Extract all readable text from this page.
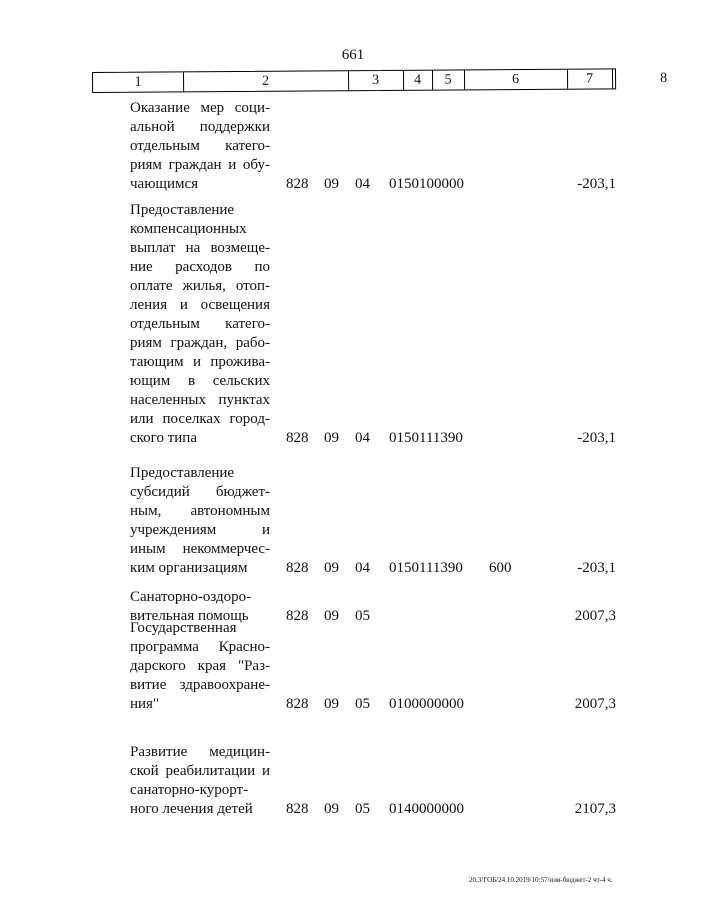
661
1	2	3	4	5	6	7	8
Оказание мер соци-
альной поддержки
отдельным катего-
риям граждан и обу-
чающимся	828 09 04 0150100000	-203,1
Предоставление
компенсационных
выплат на возмеще-
ние расходов по
оплате жилья, отоп-
ления и освещения
отдельным катего-
риям граждан, рабо-
тающим и прожива-
ющим в сельских
населенных пунктах
или поселках город-
ского типа	828 09 04 0150111390	-203,1
Предоставление
субсидий бюджет-
ным, автономным
учреждениям и
иным некоммерчес-
ким организациям	828 09 04 0150111390 600	-203,1
Санаторно-оздоро-
вительная помощь	828 09 05	2007,3
Государственная
программа Красно-
дарского края "Раз-
витие здравоохране-
ния"	828 09 05 0100000000	2007,3
Развитие медицин-
ской реабилитации и
санаторно-курорт-
ного лечения детей	828 09 05 0140000000	2107,3
20.3/ГОБ/24.10.2019/10:57/изм-бюджет-2 чт-4 ч.
